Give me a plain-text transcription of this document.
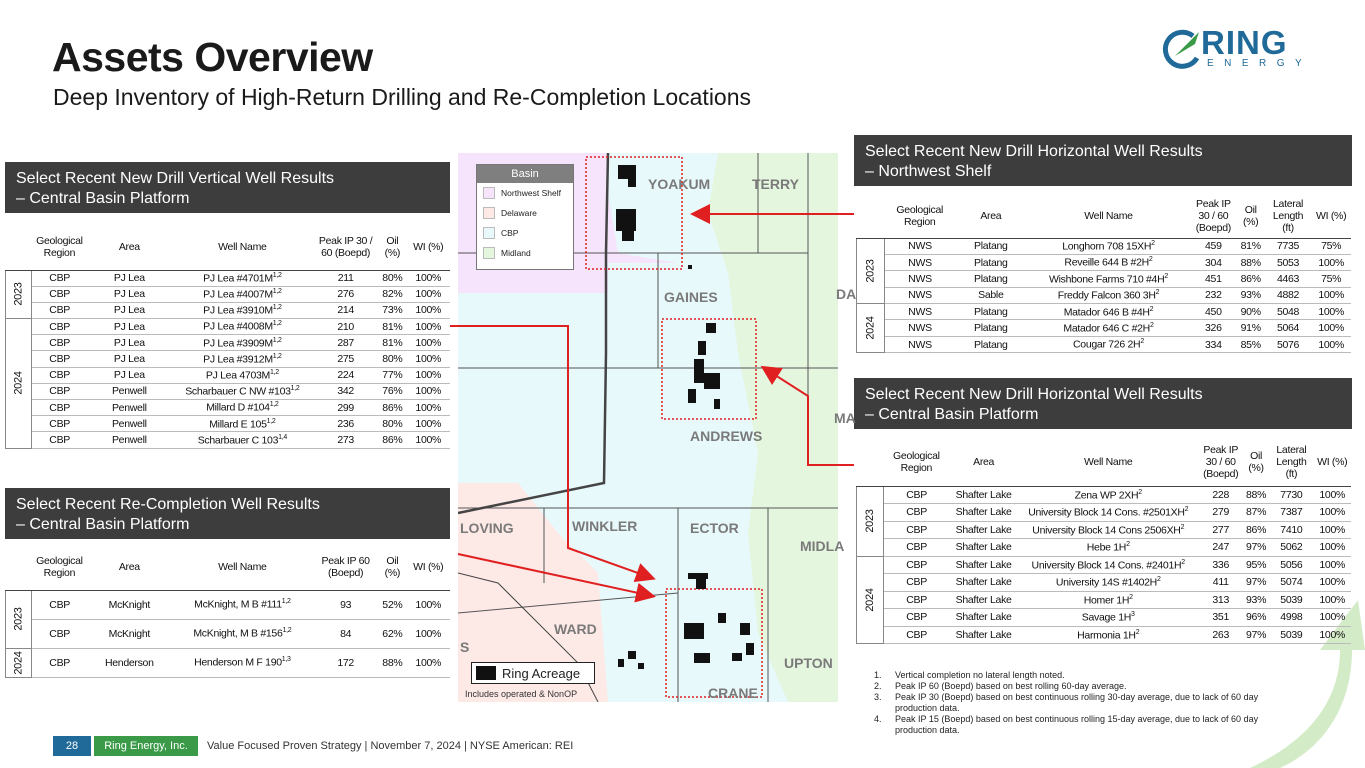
Assets Overview
Deep Inventory of High-Return Drilling and Re-Completion Locations
RING
ENERGY
Select Recent New Drill Vertical Well Results
– Central Basin Platform
	Geological Region	Area	Well Name	Peak IP 30 / 60 (Boepd)	Oil (%)	WI (%)

2023	CBP	PJ Lea	PJ Lea $\#4701M^{1,2}$	211	80%	100%
	CBP	PJ Lea	PJ Lea $\#4007M^{1,2}$	276	82%	100%
	CBP	PJ Lea	PJ Lea $\#3910M^{1,2}$	214	73%	100%

2024	CBP	PJ Lea	PJ Lea $\#4008M^{1,2}$	210	81%	100%
	CBP	PJ Lea	PJ Lea $\#3909M^{1,2}$	287	81%	100%
	CBP	PJ Lea	PJ Lea $\#3912M^{1,2}$	275	80%	100%
	CBP	PJ Lea	PJ Lea $4703M^{1,2}$	224	77%	100%
	CBP	Penwell	Scharbauer C NW #103$^{1,2}$	342	76%	100%
	CBP	Penwell	Millard D #104$^{1,2}$	299	86%	100%
	CBP	Penwell	Millard E 105$^{1,2}$	236	80%	100%
	CBP	Penwell	Scharbauer C 103$^{1,4}$	273	86%	100%
Select Recent Re-Completion Well Results
– Central Basin Platform
	Geological Region	Area	Well Name	Peak IP 60 (Boepd)	Oil (%)	WI (%)

2023	CBP	McKnight	McKnight, M B #111$^{1,2}$	93	52%	100%
	CBP	McKnight	McKnight, M B #156$^{1,2}$	84	62%	100%

2024	CBP	Henderson	Henderson M F 190$^{1,3}$	172	88%	100%
Select Recent New Drill Horizontal Well Results
– Northwest Shelf
	Geological Region	Area	Well Name	Peak IP 30 / 60 (Boepd)	Oil (%)	Lateral Length (ft)	WI (%)

2023	NWS	Platang	Longhorn 708 $15XH^2$	459	81%	7735	75%
	NWS	Platang	Reveille 644 B $\#2H^2$	304	88%	5053	100%
	NWS	Platang	Wishbone Farms 710 $\#4H^2$	451	86%	4463	75%
	NWS	Sable	Freddy Falcon 360 $3H^2$	232	93%	4882	100%

2024	NWS	Platang	Matador 646 B $\#4H^2$	450	90%	5048	100%
	NWS	Platang	Matador 646 C $\#2H^2$	326	91%	5064	100%
	NWS	Platang	Cougar 726 $2H^2$	334	85%	5076	100%
Select Recent New Drill Horizontal Well Results
– Central Basin Platform
	Geological Region	Area	Well Name	Peak IP 30 / 60 (Boepd)	Oil (%)	Lateral Length (ft)	WI (%)

2023	CBP	Shafter Lake	Zena WP $2XH^2$	228	88%	7730	100%
	CBP	Shafter Lake	University Block 14 Cons. $\#2501XH^2$	279	87%	7387	100%
	CBP	Shafter Lake	University Block 14 Cons $2506XH^2$	277	86%	7410	100%
	CBP	Shafter Lake	Hebe $1H^2$	247	97%	5062	100%

2024	CBP	Shafter Lake	University Block 14 Cons. $\#2401H^2$	336	95%	5056	100%
	CBP	Shafter Lake	University 14S $\#1402H^2$	411	97%	5074	100%
	CBP	Shafter Lake	Homer $1H^2$	313	93%	5039	100%
	CBP	Shafter Lake	Savage $1H^3$	351	96%	4998	100%
	CBP	Shafter Lake	Harmonia $1H^2$	263	97%	5039	100%
Basin
Northwest Shelf
Delaware
CBP
Midland
YOAKUM	TERRY
GAINES	DA
MA
ANDREWS
LOVING	WINKLER	ECTOR
MIDLA
WARD
S
UPTON
CRANE
Ring Acreage
Includes operated & NonOP
1.	Vertical completion no lateral length noted.
2.	Peak IP 60 (Boepd) based on best rolling 60-day average.
3.	Peak IP 30 (Boepd) based on best continuous rolling 30-day average, due to lack of 60 day production data.
4.	Peak IP 15 (Boepd) based on best continuous rolling 15-day average, due to lack of 60 day production data.
28	Ring Energy, Inc.	Value Focused Proven Strategy | November 7, 2024 | NYSE American: REI
